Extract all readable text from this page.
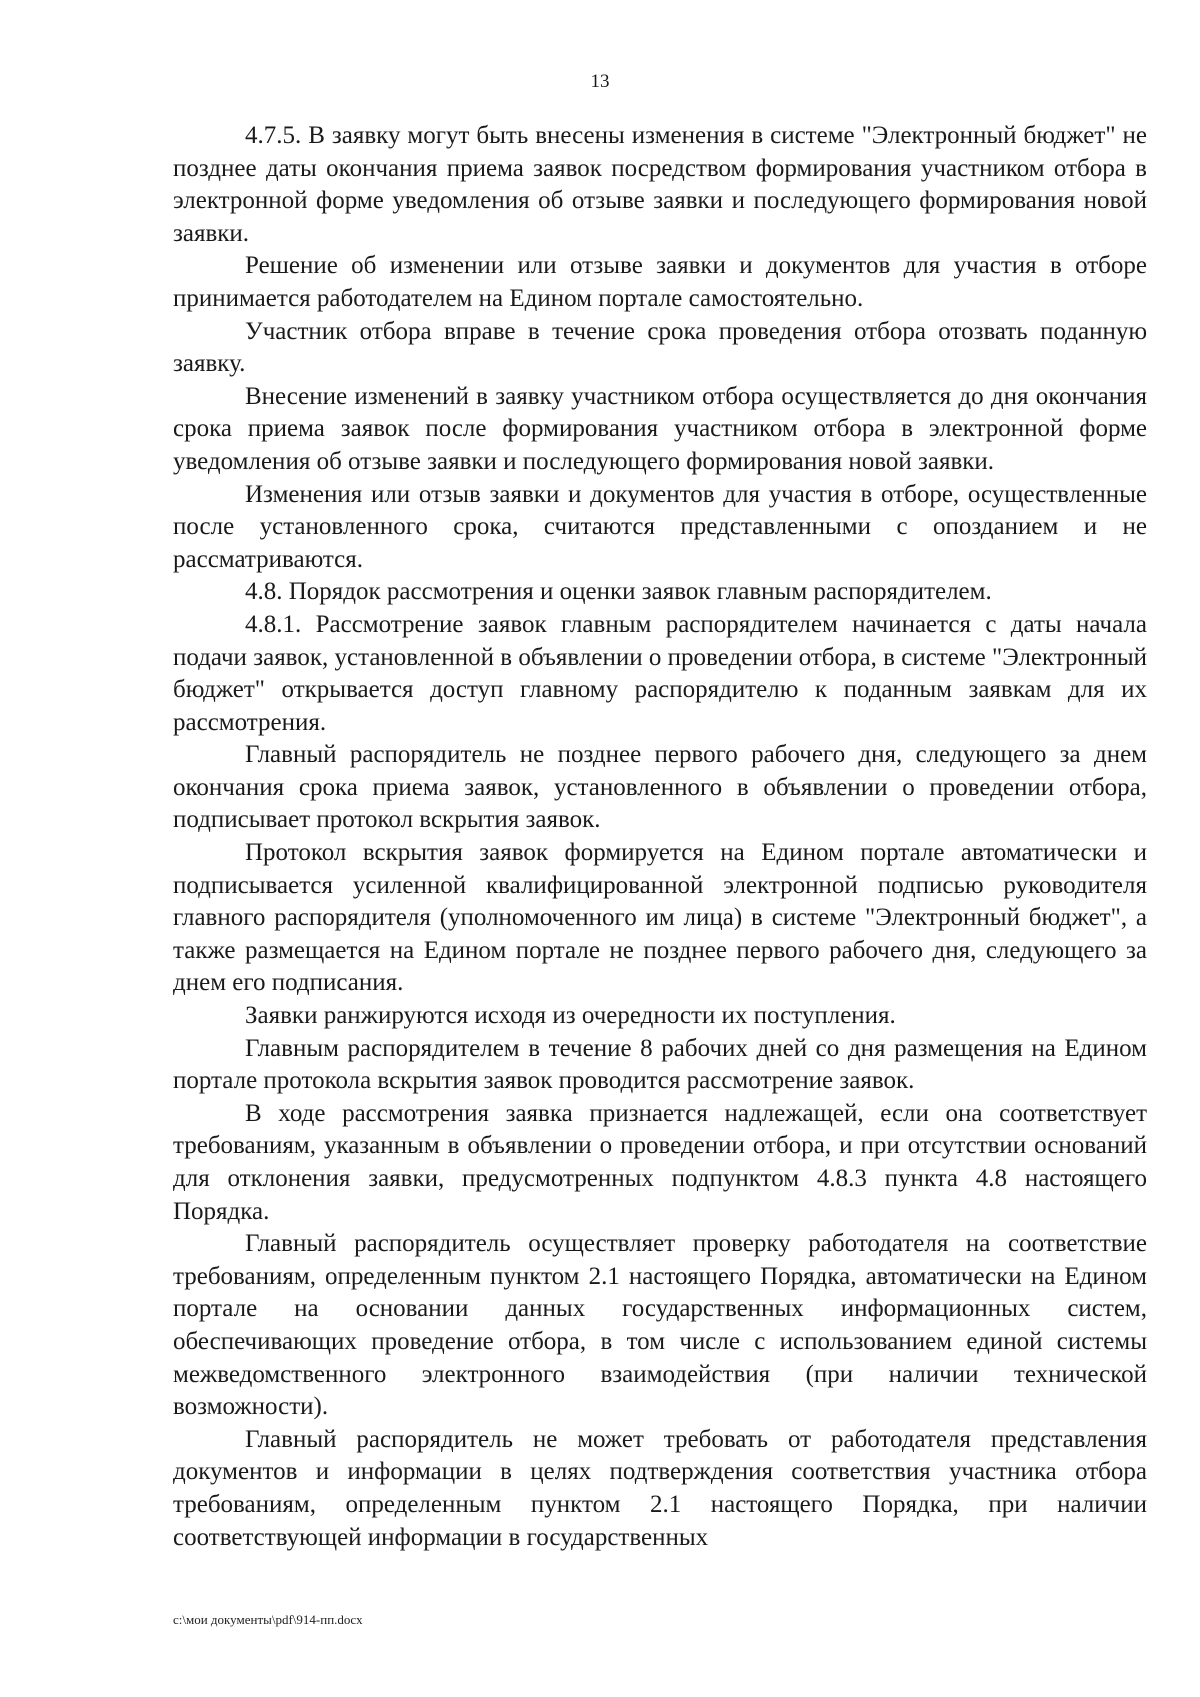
13

4.7.5. В заявку могут быть внесены изменения в системе "Электронный бюджет" не позднее даты окончания приема заявок посредством формирования участником отбора в электронной форме уведомления об отзыве заявки и последующего формирования новой заявки.

Решение об изменении или отзыве заявки и документов для участия в отборе принимается работодателем на Едином портале самостоятельно.

Участник отбора вправе в течение срока проведения отбора отозвать поданную заявку.

Внесение изменений в заявку участником отбора осуществляется до дня окончания срока приема заявок после формирования участником отбора в электронной форме уведомления об отзыве заявки и последующего формирования новой заявки.

Изменения или отзыв заявки и документов для участия в отборе, осуществленные после установленного срока, считаются представленными с опозданием и не рассматриваются.

4.8. Порядок рассмотрения и оценки заявок главным распорядителем.

4.8.1. Рассмотрение заявок главным распорядителем начинается с даты начала подачи заявок, установленной в объявлении о проведении отбора, в системе "Электронный бюджет" открывается доступ главному распорядителю к поданным заявкам для их рассмотрения.

Главный распорядитель не позднее первого рабочего дня, следующего за днем окончания срока приема заявок, установленного в объявлении о проведении отбора, подписывает протокол вскрытия заявок.

Протокол вскрытия заявок формируется на Едином портале автоматически и подписывается усиленной квалифицированной электронной подписью руководителя главного распорядителя (уполномоченного им лица) в системе "Электронный бюджет", а также размещается на Едином портале не позднее первого рабочего дня, следующего за днем его подписания.

Заявки ранжируются исходя из очередности их поступления.

Главным распорядителем в течение 8 рабочих дней со дня размещения на Едином портале протокола вскрытия заявок проводится рассмотрение заявок.

В ходе рассмотрения заявка признается надлежащей, если она соответствует требованиям, указанным в объявлении о проведении отбора, и при отсутствии оснований для отклонения заявки, предусмотренных подпунктом 4.8.3 пункта 4.8 настоящего Порядка.

Главный распорядитель осуществляет проверку работодателя на соответствие требованиям, определенным пунктом 2.1 настоящего Порядка, автоматически на Едином портале на основании данных государственных информационных систем, обеспечивающих проведение отбора, в том числе с использованием единой системы межведомственного электронного взаимодействия (при наличии технической возможности).

Главный распорядитель не может требовать от работодателя представления документов и информации в целях подтверждения соответствия участника отбора требованиям, определенным пунктом 2.1 настоящего Порядка, при наличии соответствующей информации в государственных

c:\мои документы\pdf\914-пп.docx
